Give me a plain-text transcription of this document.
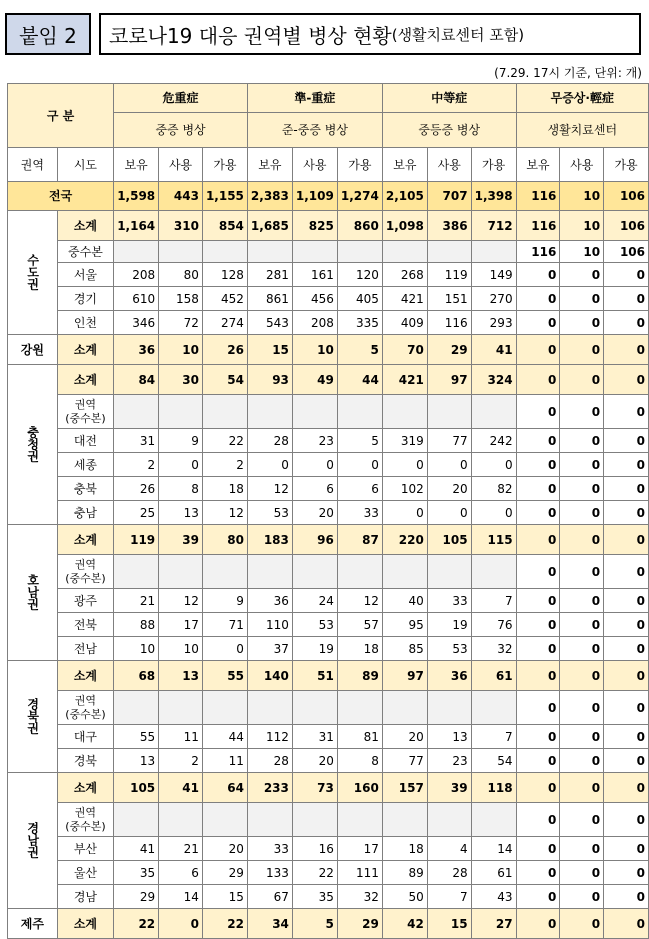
붙임 2 코로나19 대응 권역별 병상 현황 (생활치료센터 포함)
(7.29. 17시 기준, 단위: 개)
구 분		危重症			準-重症			中等症			무증상·輕症		
		중증 병상			준-중증 병상			중등증 병상			생활치료센터		
권역	시도	보유	사용	가용	보유	사용	가용	보유	사용	가용	보유	사용	가용
전국		1,598	443	1,155	2,383	1,109	1,274	2,105	707	1,398	116	10	106
수도권	소계	1,164	310	854	1,685	825	860	1,098	386	712	116	10	106
	중수본										116	10	106
	서울	208	80	128	281	161	120	268	119	149	0	0	0
	경기	610	158	452	861	456	405	421	151	270	0	0	0
	인천	346	72	274	543	208	335	409	116	293	0	0	0
강원	소계	36	10	26	15	10	5	70	29	41	0	0	0
충청권	소계	84	30	54	93	49	44	421	97	324	0	0	0
	권역
(중수본)										0	0	0
	대전	31	9	22	28	23	5	319	77	242	0	0	0
	세종	2	0	2	0	0	0	0	0	0	0	0	0
	충북	26	8	18	12	6	6	102	20	82	0	0	0
	충남	25	13	12	53	20	33	0	0	0	0	0	0
호남권	소계	119	39	80	183	96	87	220	105	115	0	0	0
	권역
(중수본)										0	0	0
	광주	21	12	9	36	24	12	40	33	7	0	0	0
	전북	88	17	71	110	53	57	95	19	76	0	0	0
	전남	10	10	0	37	19	18	85	53	32	0	0	0
경북권	소계	68	13	55	140	51	89	97	36	61	0	0	0
	권역
(중수본)										0	0	0
	대구	55	11	44	112	31	81	20	13	7	0	0	0
	경북	13	2	11	28	20	8	77	23	54	0	0	0
경남권	소계	105	41	64	233	73	160	157	39	118	0	0	0
	권역
(중수본)										0	0	0
	부산	41	21	20	33	16	17	18	4	14	0	0	0
	울산	35	6	29	133	22	111	89	28	61	0	0	0
	경남	29	14	15	67	35	32	50	7	43	0	0	0
제주	소계	22	0	22	34	5	29	42	15	27	0	0	0
